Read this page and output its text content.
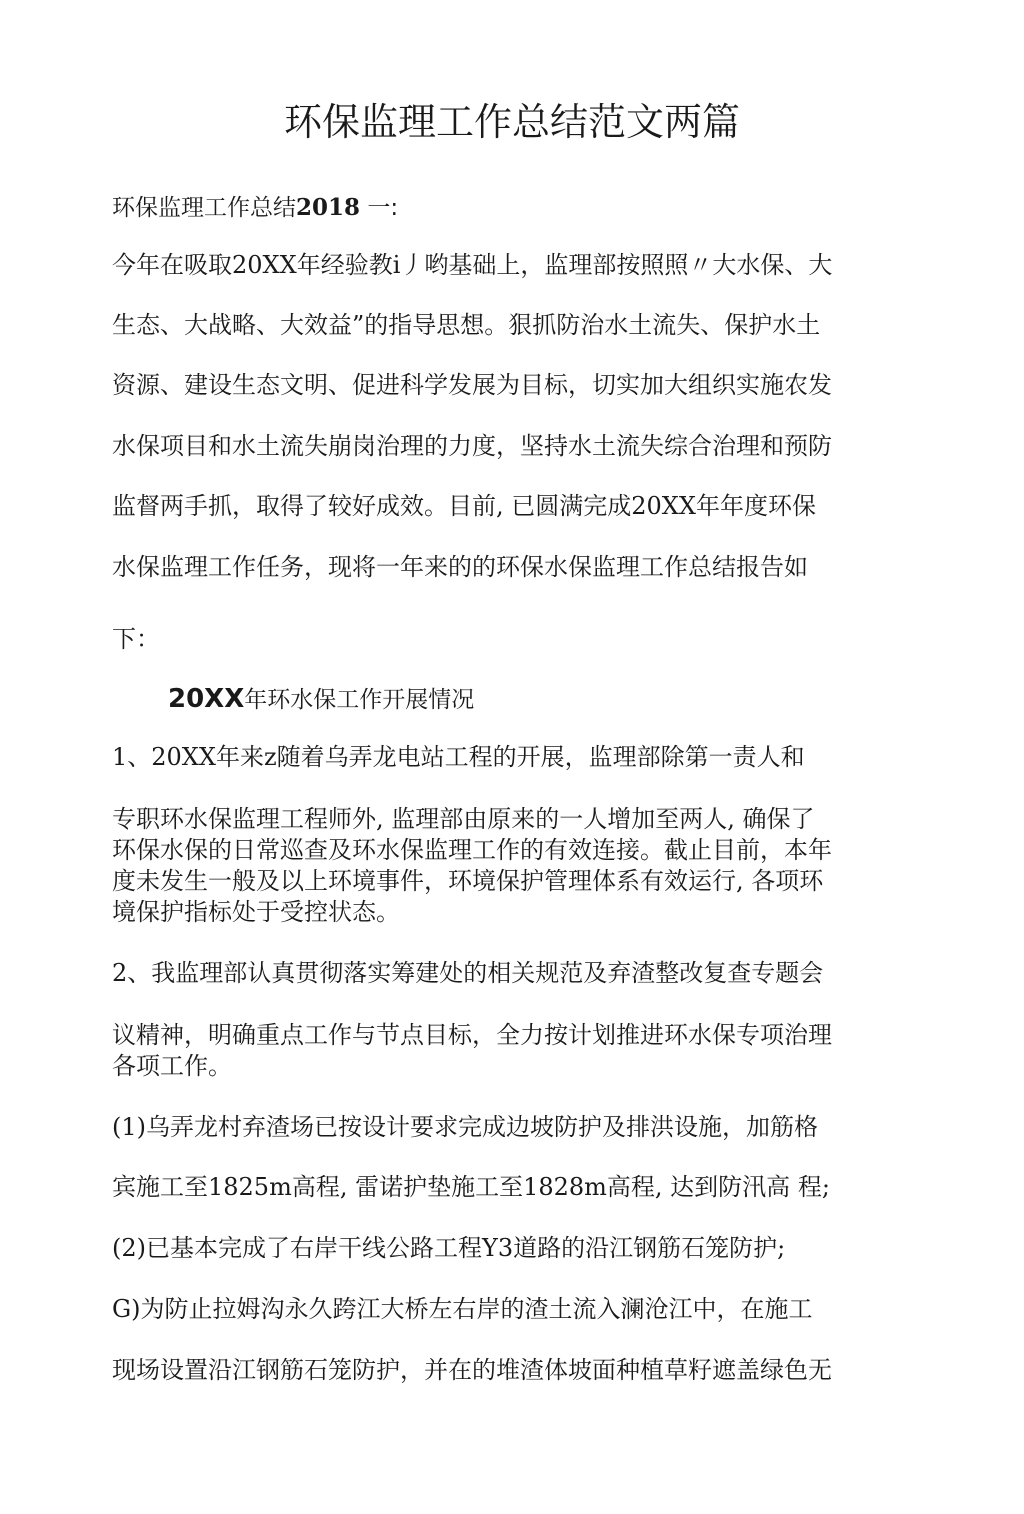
环保监理工作总结范文两篇
环保监理工作总结2018 一:
今年在吸取20XX年经验教i丿哟基础上，监理部按照照〃大水保、大
生态、大战略、大效益”的指导思想。狠抓防治水土流失、保护水土
资源、建设生态文明、促进科学发展为目标，切实加大组织实施农发
水保项目和水土流失崩岗治理的力度，坚持水土流失综合治理和预防
监督两手抓，取得了较好成效。目前, 已圆满完成20XX年年度环保
水保监理工作任务，现将一年来的的环保水保监理工作总结报告如
下：
20XX年环水保工作开展情况
1、20XX年来z随着乌弄龙电站工程的开展，监理部除第一责人和
专职环水保监理工程师外, 监理部由原来的一人增加至两人, 确保了
环保水保的日常巡查及环水保监理工作的有效连接。截止目前，本年
度未发生一般及以上环境事件，环境保护管理体系有效运行, 各项环
境保护指标处于受控状态。
2、我监理部认真贯彻落实筹建处的相关规范及弃渣整改复查专题会
议精神，明确重点工作与节点目标，全力按计划推进环水保专项治理
各项工作。
(1)乌弄龙村弃渣场已按设计要求完成边坡防护及排洪设施，加筋格
宾施工至1825m高程, 雷诺护垫施工至1828m高程, 达到防汛高 程;
(2)已基本完成了右岸干线公路工程Y3道路的沿江钢筋石笼防护;
G)为防止拉姆沟永久跨江大桥左右岸的渣土流入澜沧江中，在施工
现场设置沿江钢筋石笼防护，并在的堆渣体坡面种植草籽遮盖绿色无
